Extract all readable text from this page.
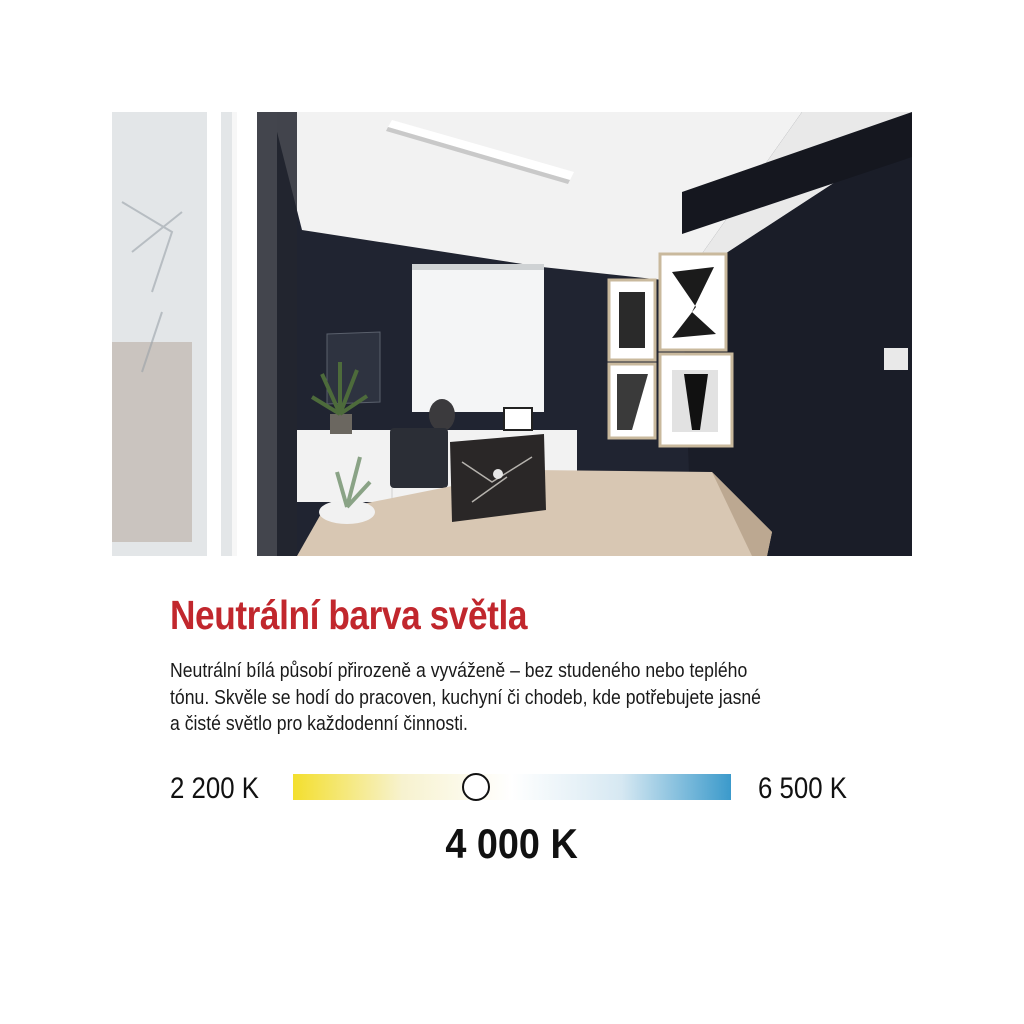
Neutrální barva světla
Neutrální bílá působí přirozeně a vyváženě – bez studeného nebo teplého
tónu. Skvěle se hodí do pracoven, kuchyní či chodeb, kde potřebujete jasné
a čisté světlo pro každodenní činnosti.
2 200 K	6 500 K
4 000 K
